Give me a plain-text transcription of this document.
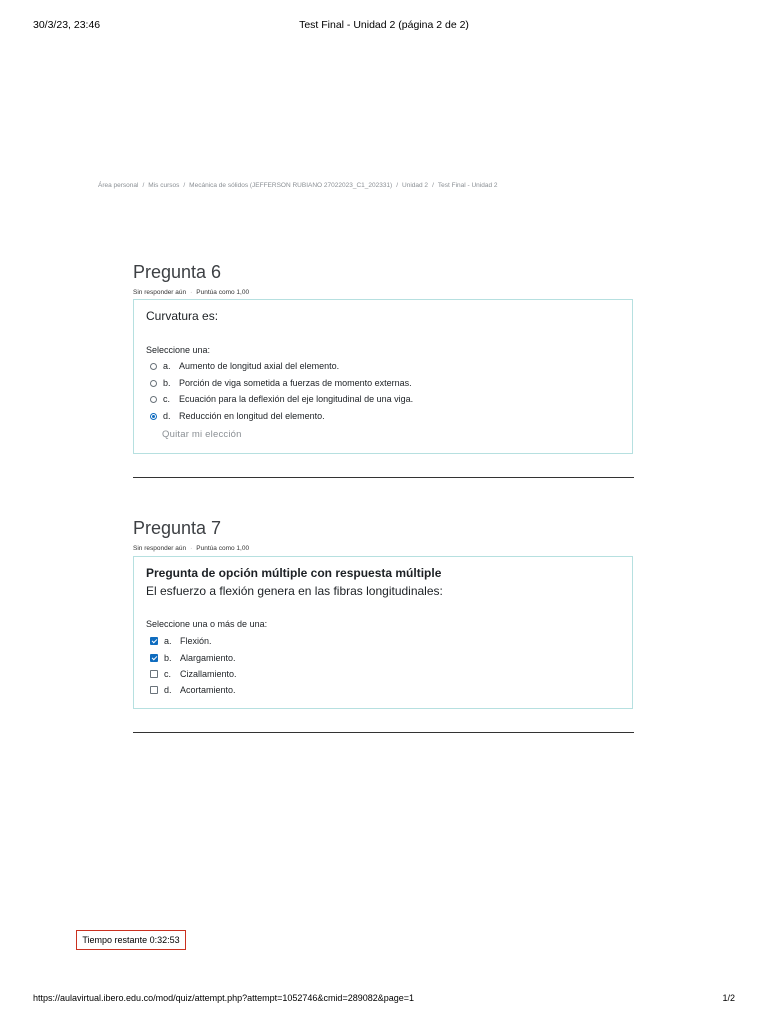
30/3/23, 23:46	Test Final - Unidad 2 (página 2 de 2)
Área personal / Mis cursos / Mecánica de sólidos (JEFFERSON RUBIANO 27022023_C1_202331) / Unidad 2 / Test Final - Unidad 2
Pregunta 6
Sin responder aún · Puntúa como 1,00
Curvatura es:
Seleccione una:
a. Aumento de longitud axial del elemento.
b. Porción de viga sometida a fuerzas de momento externas.
c. Ecuación para la deflexión del eje longitudinal de una viga.
d. Reducción en longitud del elemento.
Quitar mi elección
Pregunta 7
Sin responder aún · Puntúa como 1,00
Pregunta de opción múltiple con respuesta múltiple
El esfuerzo a flexión genera en las fibras longitudinales:
Seleccione una o más de una:
a. Flexión.
b. Alargamiento.
c. Cizallamiento.
d. Acortamiento.
Tiempo restante 0:32:53
https://aulavirtual.ibero.edu.co/mod/quiz/attempt.php?attempt=1052746&cmid=289082&page=1	1/2
